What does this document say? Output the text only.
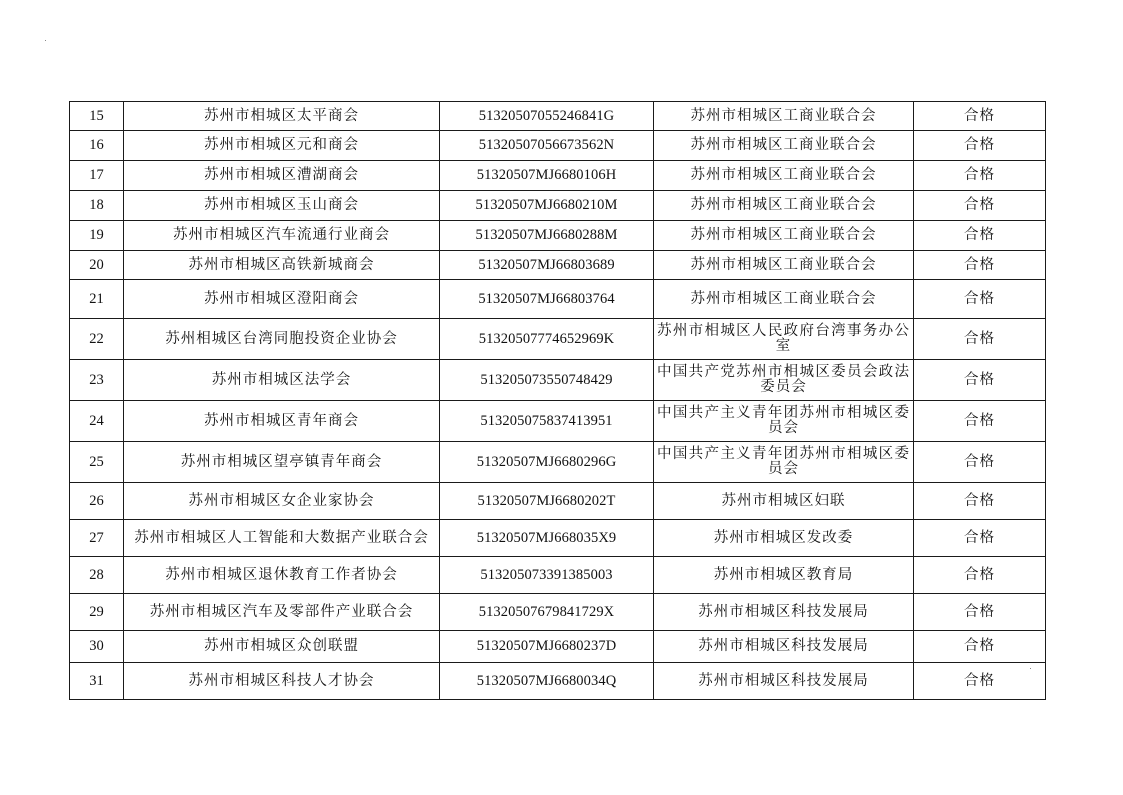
15	苏州市相城区太平商会	51320507055246841G	苏州市相城区工商业联合会	合格
16	苏州市相城区元和商会	51320507056673562N	苏州市相城区工商业联合会	合格
17	苏州市相城区漕湖商会	51320507MJ6680106H	苏州市相城区工商业联合会	合格
18	苏州市相城区玉山商会	51320507MJ6680210M	苏州市相城区工商业联合会	合格
19	苏州市相城区汽车流通行业商会	51320507MJ6680288M	苏州市相城区工商业联合会	合格
20	苏州市相城区高铁新城商会	51320507MJ66803689	苏州市相城区工商业联合会	合格
21	苏州市相城区澄阳商会	51320507MJ66803764	苏州市相城区工商业联合会	合格
22	苏州相城区台湾同胞投资企业协会	51320507774652969K	苏州市相城区人民政府台湾事务办公室	合格
23	苏州市相城区法学会	513205073550748429	中国共产党苏州市相城区委员会政法委员会	合格
24	苏州市相城区青年商会	513205075837413951	中国共产主义青年团苏州市相城区委员会	合格
25	苏州市相城区望亭镇青年商会	51320507MJ6680296G	中国共产主义青年团苏州市相城区委员会	合格
26	苏州市相城区女企业家协会	51320507MJ6680202T	苏州市相城区妇联	合格
27	苏州市相城区人工智能和大数据产业联合会	51320507MJ668035X9	苏州市相城区发改委	合格
28	苏州市相城区退休教育工作者协会	513205073391385003	苏州市相城区教育局	合格
29	苏州市相城区汽车及零部件产业联合会	51320507679841729X	苏州市相城区科技发展局	合格
30	苏州市相城区众创联盟	51320507MJ6680237D	苏州市相城区科技发展局	合格
31	苏州市相城区科技人才协会	51320507MJ6680034Q	苏州市相城区科技发展局	合格
